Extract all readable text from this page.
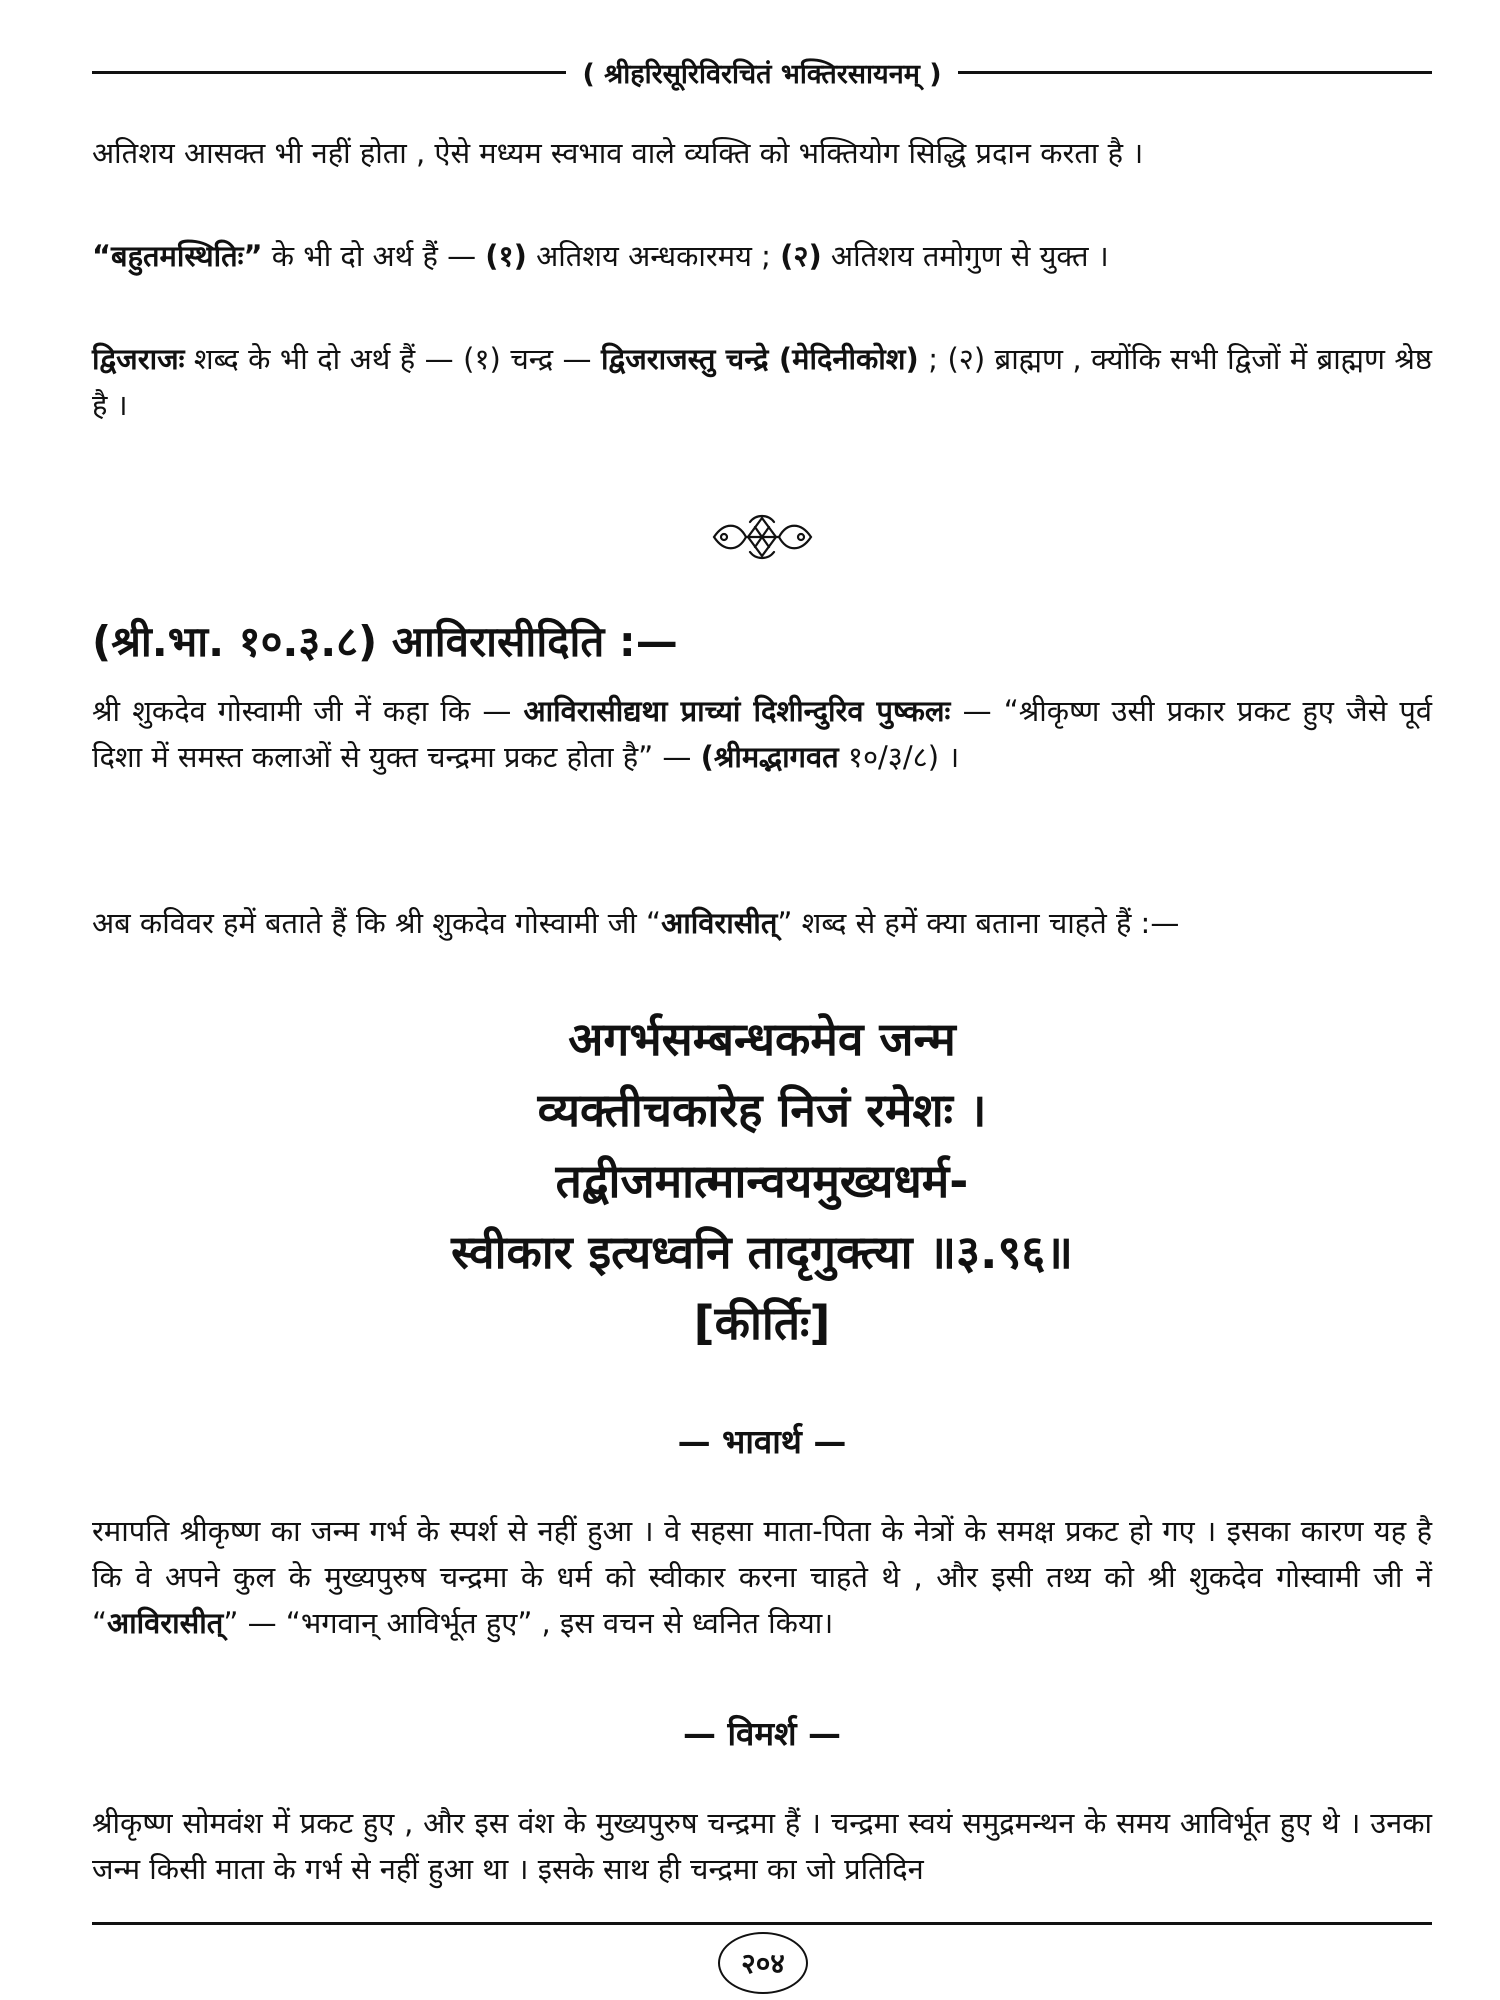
( श्रीहरिसूरिविरचितं भक्तिरसायनम् )

अतिशय आसक्त भी नहीं होता , ऐसे मध्यम स्वभाव वाले व्यक्ति को भक्तियोग सिद्धि प्रदान करता है ।

“बहुतमस्थितिः” के भी दो अर्थ हैं — (१) अतिशय अन्धकारमय ; (२) अतिशय तमोगुण से युक्त ।

द्विजराजः शब्द के भी दो अर्थ हैं — (१) चन्द्र — द्विजराजस्तु चन्द्रे (मेदिनीकोश) ; (२) ब्राह्मण , क्योंकि सभी द्विजों में ब्राह्मण श्रेष्ठ है ।

(श्री.भा. १०.३.८) आविरासीदिति :—

श्री शुकदेव गोस्वामी जी नें कहा कि — आविरासीद्यथा प्राच्यां दिशीन्दुरिव पुष्कलः — “श्रीकृष्ण उसी प्रकार प्रकट हुए जैसे पूर्व दिशा में समस्त कलाओं से युक्त चन्द्रमा प्रकट होता है” — (श्रीमद्भागवत १०/३/८) ।

अब कविवर हमें बताते हैं कि श्री शुकदेव गोस्वामी जी “आविरासीत्” शब्द से हमें क्या बताना चाहते हैं :—

अगर्भसम्बन्धकमेव जन्म
व्यक्तीचकारेह निजं रमेशः ।
तद्बीजमात्मान्वयमुख्यधर्म-
स्वीकार इत्यध्वनि तादृगुक्त्या ॥३.९६॥
[कीर्तिः]
— भावार्थ —

रमापति श्रीकृष्ण का जन्म गर्भ के स्पर्श से नहीं हुआ । वे सहसा माता-पिता के नेत्रों के समक्ष प्रकट हो गए । इसका कारण यह है कि वे अपने कुल के मुख्यपुरुष चन्द्रमा के धर्म को स्वीकार करना चाहते थे , और इसी तथ्य को श्री शुकदेव गोस्वामी जी नें “आविरासीत्” — “भगवान् आविर्भूत हुए” , इस वचन से ध्वनित किया।

— विमर्श —

श्रीकृष्ण सोमवंश में प्रकट हुए , और इस वंश के मुख्यपुरुष चन्द्रमा हैं । चन्द्रमा स्वयं समुद्रमन्थन के समय आविर्भूत हुए थे । उनका जन्म किसी माता के गर्भ से नहीं हुआ था । इसके साथ ही चन्द्रमा का जो प्रतिदिन

२०४
